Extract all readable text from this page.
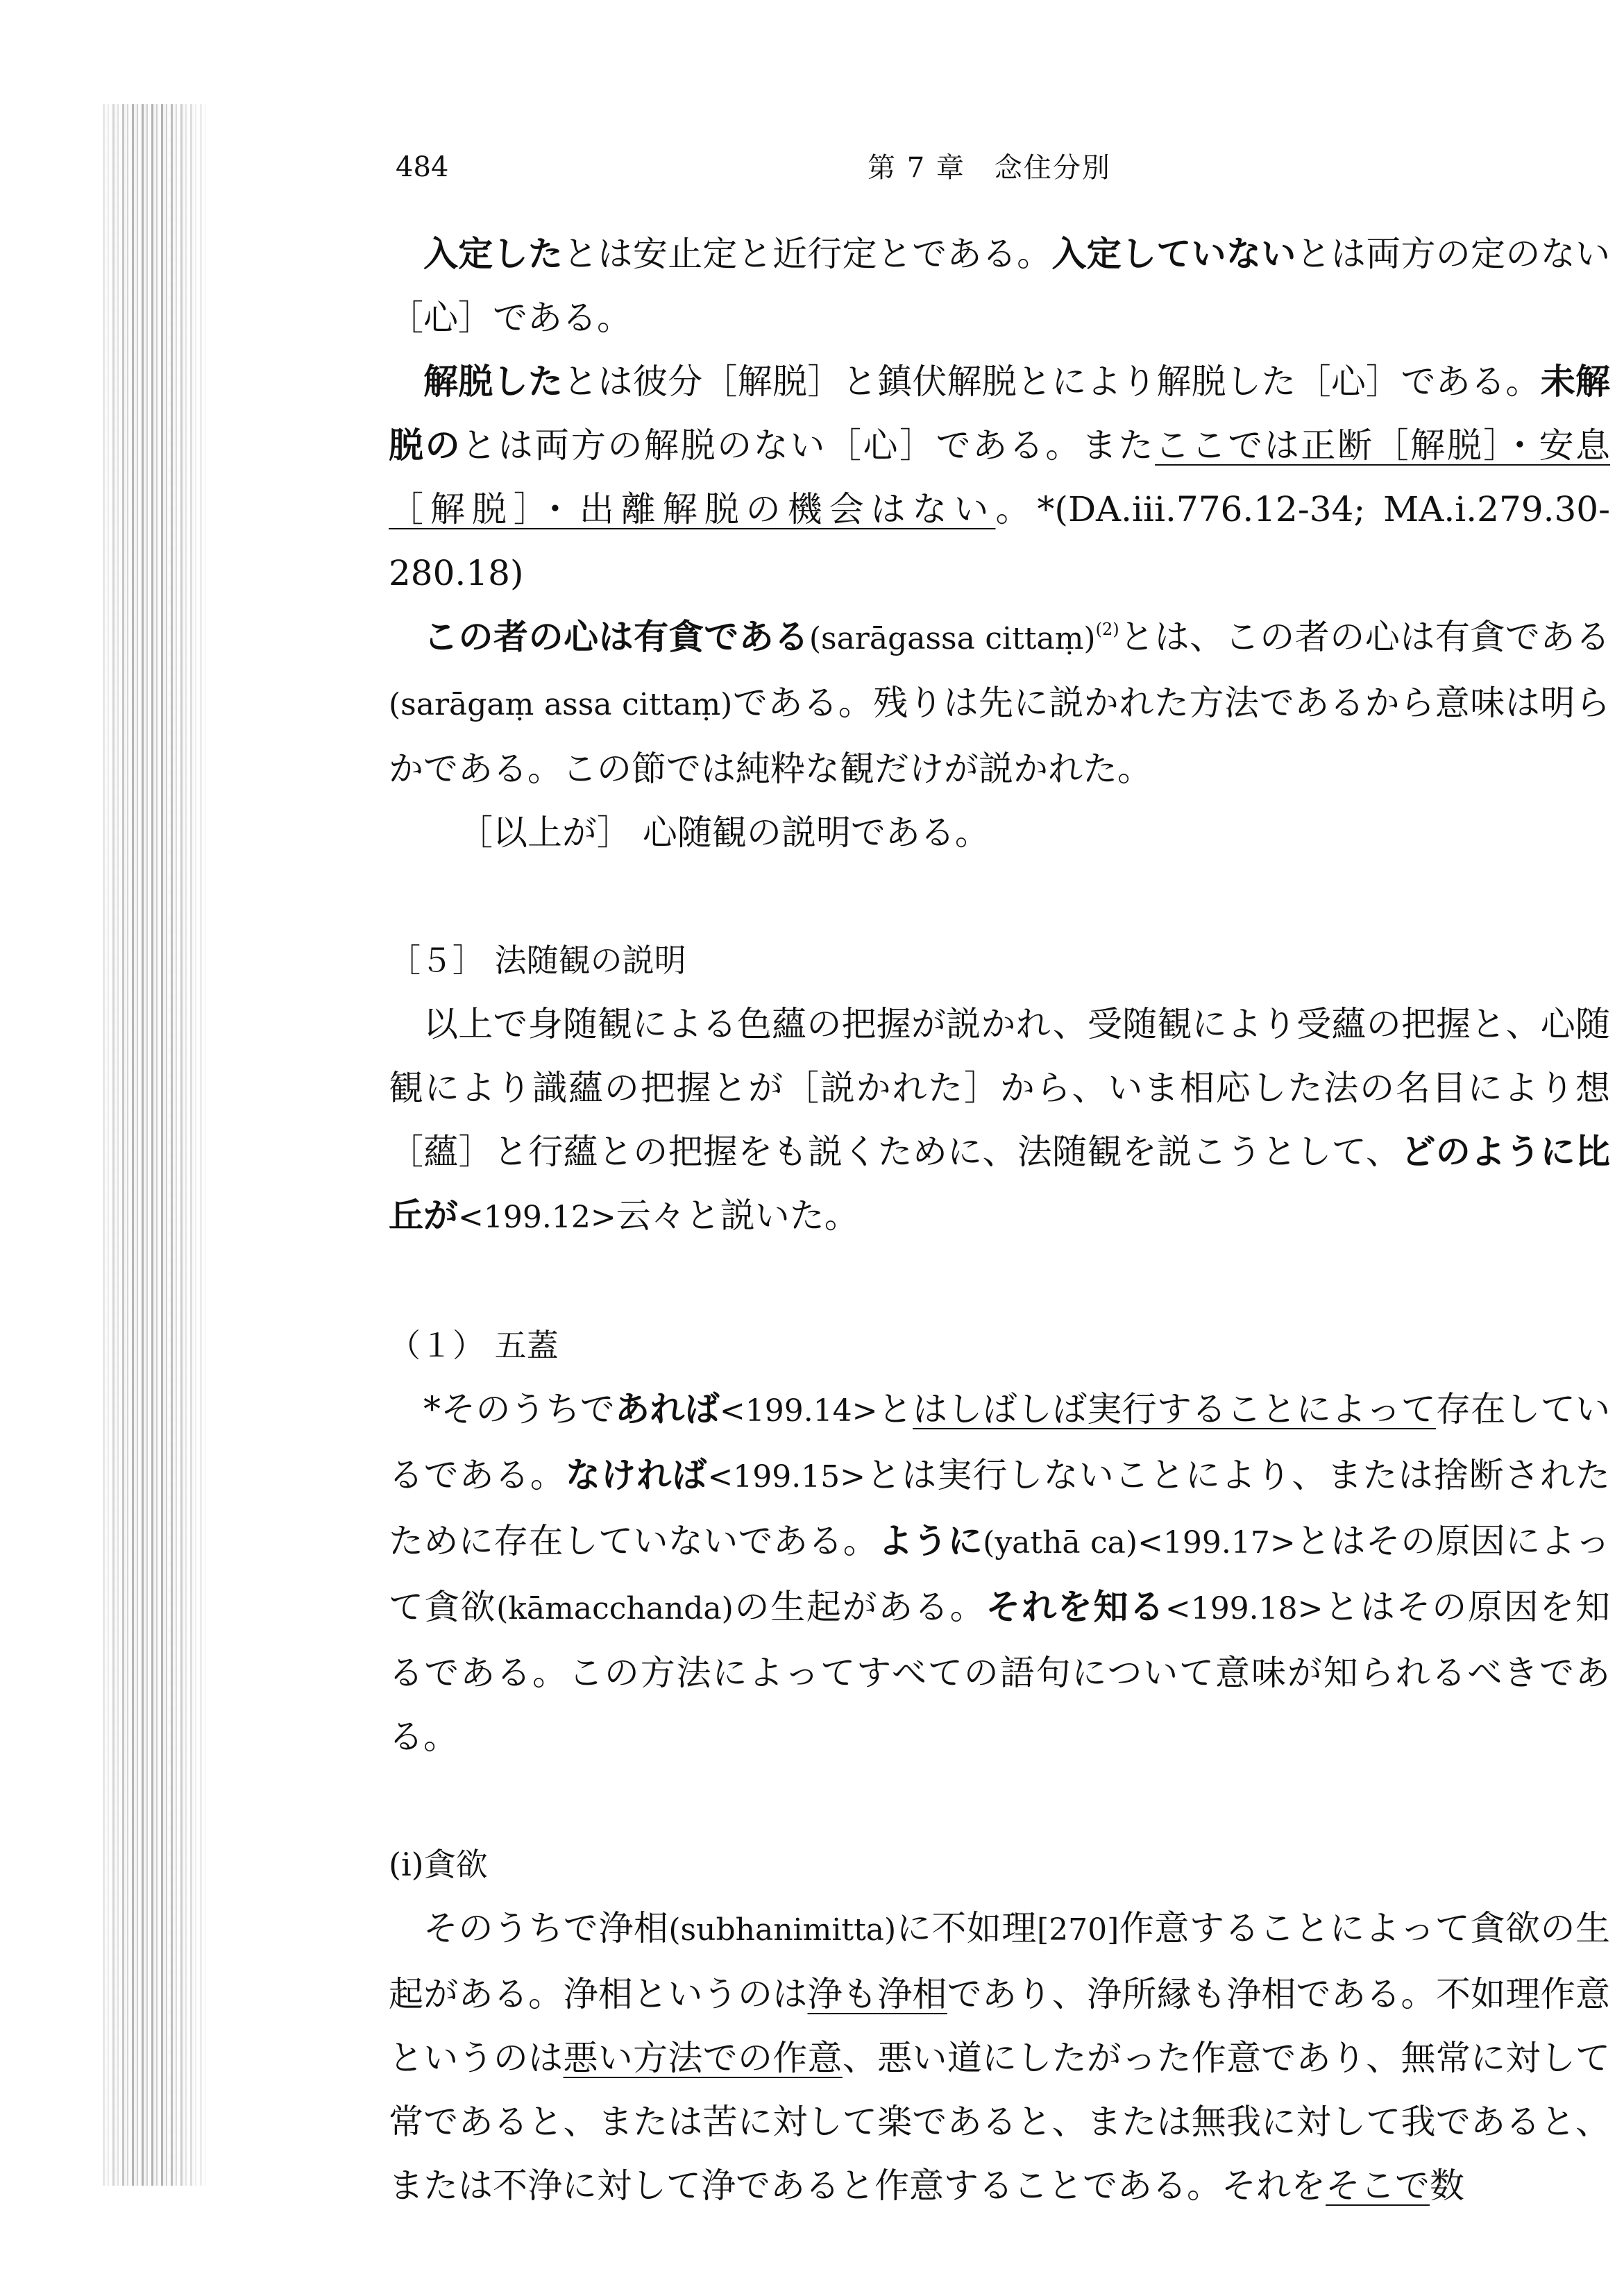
484	第 7 章　念住分別

入定したとは安止定と近行定とである。入定していないとは両方の定のない［心］である。

解脱したとは彼分［解脱］と鎮伏解脱とにより解脱した［心］である。未解脱のとは両方の解脱のない［心］である。またここでは正断［解脱］・安息［解脱］・出離解脱の機会はない。*(DA.iii.776.12-34; MA.i.279.30-280.18)

この者の心は有貪である(sarāgassa cittaṃ)$^{(2)}$とは、この者の心は有貪である(sarāgaṃ assa cittaṃ)である。残りは先に説かれた方法であるから意味は明らかである。この節では純粋な観だけが説かれた。

［以上が］ 心随観の説明である。

［５］ 法随観の説明

以上で身随観による色蘊の把握が説かれ、受随観により受蘊の把握と、心随観により識蘊の把握とが［説かれた］から、いま相応した法の名目により想［蘊］と行蘊との把握をも説くために、法随観を説こうとして、どのように比丘が<199.12>云々と説いた。

（１） 五蓋

*そのうちであれば<199.14>とはしばしば実行することによって存在しているである。なければ<199.15>とは実行しないことにより、または捨断されたために存在していないである。ように(yathā ca)<199.17>とはその原因によって貪欲(kāmacchanda)の生起がある。それを知る<199.18>とはその原因を知るである。この方法によってすべての語句について意味が知られるべきである。

(i)貪欲

そのうちで浄相(subhanimitta)に不如理[270]作意することによって貪欲の生起がある。浄相というのは浄も浄相であり、浄所縁も浄相である。不如理作意というのは悪い方法での作意、悪い道にしたがった作意であり、無常に対して常であると、または苦に対して楽であると、または無我に対して我であると、または不浄に対して浄であると作意することである。それをそこで数
